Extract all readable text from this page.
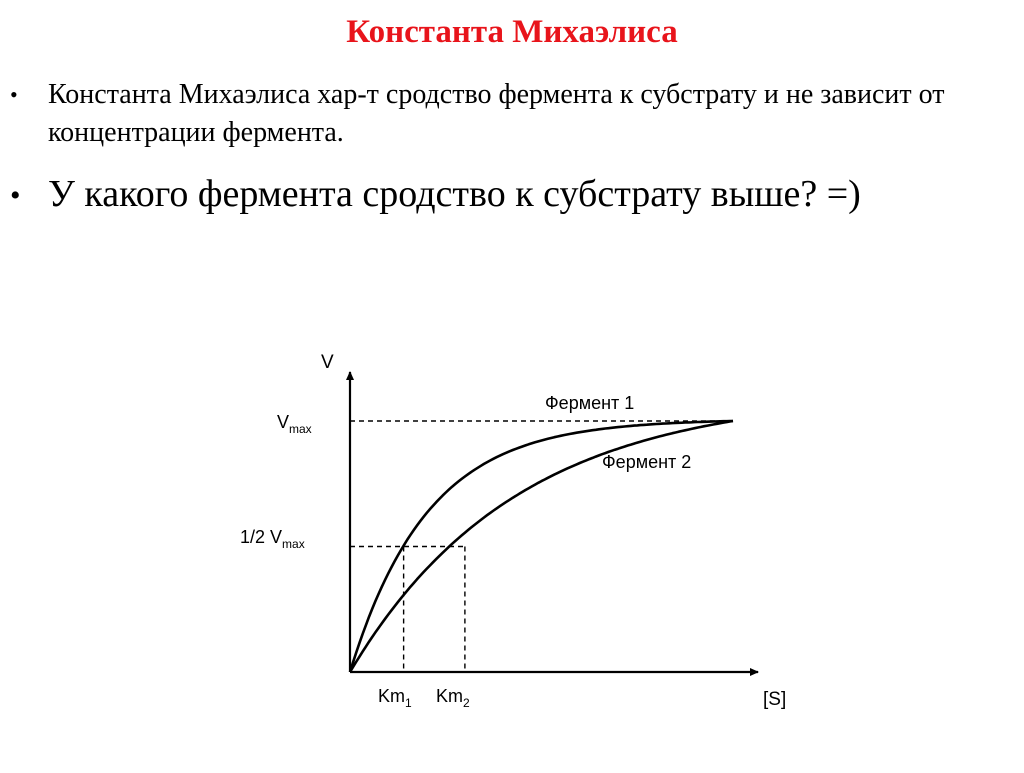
Константа Михаэлиса
• Константа Михаэлиса хар-т сродство фермента к субстрату и не зависит от концентрации фермента.
• У какого фермента сродство к субстрату выше? =)
V
[S]
$V_{max}$
1/2 $V_{max}$
$Km_1$ $Km_2$
Фермент 1
Фермент 2
